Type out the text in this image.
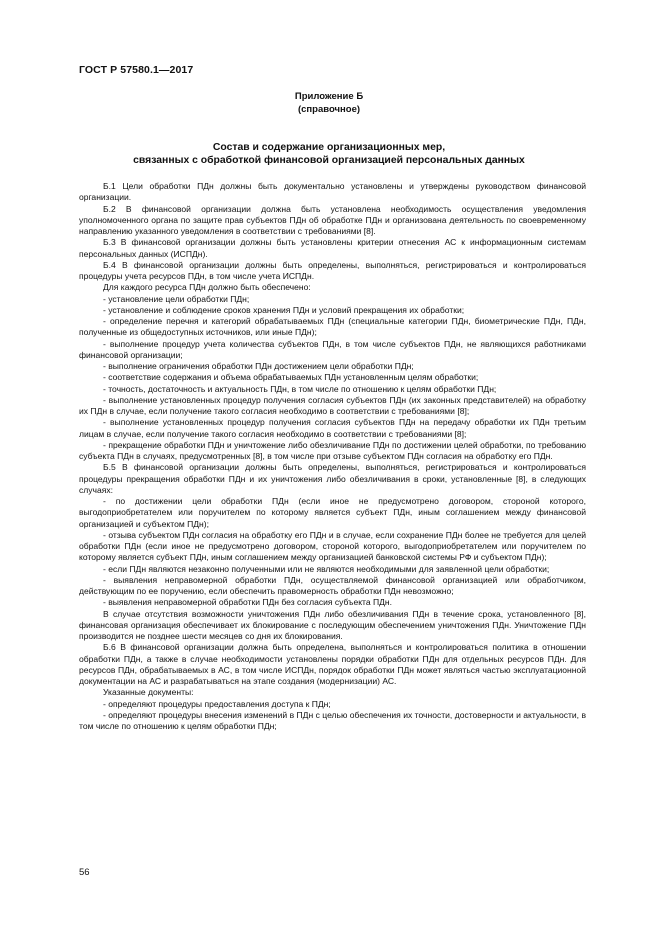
ГОСТ Р 57580.1—2017
Приложение Б
(справочное)
Состав и содержание организационных мер,
связанных с обработкой финансовой организацией персональных данных

Б.1 Цели обработки ПДн должны быть документально установлены и утверждены руководством финансовой организации.

Б.2 В финансовой организации должна быть установлена необходимость осуществления уведомления уполномоченного органа по защите прав субъектов ПДн об обработке ПДн и организована деятельность по своевременному направлению указанного уведомления в соответствии с требованиями [8].

Б.3 В финансовой организации должны быть установлены критерии отнесения АС к информационным системам персональных данных (ИСПДн).

Б.4 В финансовой организации должны быть определены, выполняться, регистрироваться и контролироваться процедуры учета ресурсов ПДн, в том числе учета ИСПДн.

Для каждого ресурса ПДн должно быть обеспечено:

- установление цели обработки ПДн;

- установление и соблюдение сроков хранения ПДн и условий прекращения их обработки;

- определение перечня и категорий обрабатываемых ПДн (специальные категории ПДн, биометрические ПДн, ПДн, полученные из общедоступных источников, или иные ПДн);

- выполнение процедур учета количества субъектов ПДн, в том числе субъектов ПДн, не являющихся работниками финансовой организации;

- выполнение ограничения обработки ПДн достижением цели обработки ПДн;

- соответствие содержания и объема обрабатываемых ПДн установленным целям обработки;

- точность, достаточность и актуальность ПДн, в том числе по отношению к целям обработки ПДн;

- выполнение установленных процедур получения согласия субъектов ПДн (их законных представителей) на обработку их ПДн в случае, если получение такого согласия необходимо в соответствии с требованиями [8];

- выполнение установленных процедур получения согласия субъектов ПДн на передачу обработки их ПДн третьим лицам в случае, если получение такого согласия необходимо в соответствии с требованиями [8];

- прекращение обработки ПДн и уничтожение либо обезличивание ПДн по достижении целей обработки, по требованию субъекта ПДн в случаях, предусмотренных [8], в том числе при отзыве субъектом ПДн согласия на обработку его ПДн.

Б.5 В финансовой организации должны быть определены, выполняться, регистрироваться и контролироваться процедуры прекращения обработки ПДн и их уничтожения либо обезличивания в сроки, установленные [8], в следующих случаях:

- по достижении цели обработки ПДн (если иное не предусмотрено договором, стороной которого, выгодоприобретателем или поручителем по которому является субъект ПДн, иным соглашением между финансовой организацией и субъектом ПДн);

- отзыва субъектом ПДн согласия на обработку его ПДн и в случае, если сохранение ПДн более не требуется для целей обработки ПДн (если иное не предусмотрено договором, стороной которого, выгодоприобретателем или поручителем по которому является субъект ПДн, иным соглашением между организацией банковской системы РФ и субъектом ПДн);

- если ПДн являются незаконно полученными или не являются необходимыми для заявленной цели обработки;

- выявления неправомерной обработки ПДн, осуществляемой финансовой организацией или обработчиком, действующим по ее поручению, если обеспечить правомерность обработки ПДн невозможно;

- выявления неправомерной обработки ПДн без согласия субъекта ПДн.

В случае отсутствия возможности уничтожения ПДн либо обезличивания ПДн в течение срока, установленного [8], финансовая организация обеспечивает их блокирование с последующим обеспечением уничтожения ПДн. Уничтожение ПДн производится не позднее шести месяцев со дня их блокирования.

Б.6 В финансовой организации должна быть определена, выполняться и контролироваться политика в отношении обработки ПДн, а также в случае необходимости установлены порядки обработки ПДн для отдельных ресурсов ПДн. Для ресурсов ПДн, обрабатываемых в АС, в том числе ИСПДн, порядок обработки ПДн может являться частью эксплуатационной документации на АС и разрабатываться на этапе создания (модернизации) АС.

Указанные документы:

- определяют процедуры предоставления доступа к ПДн;

- определяют процедуры внесения изменений в ПДн с целью обеспечения их точности, достоверности и актуальности, в том числе по отношению к целям обработки ПДн;

56
